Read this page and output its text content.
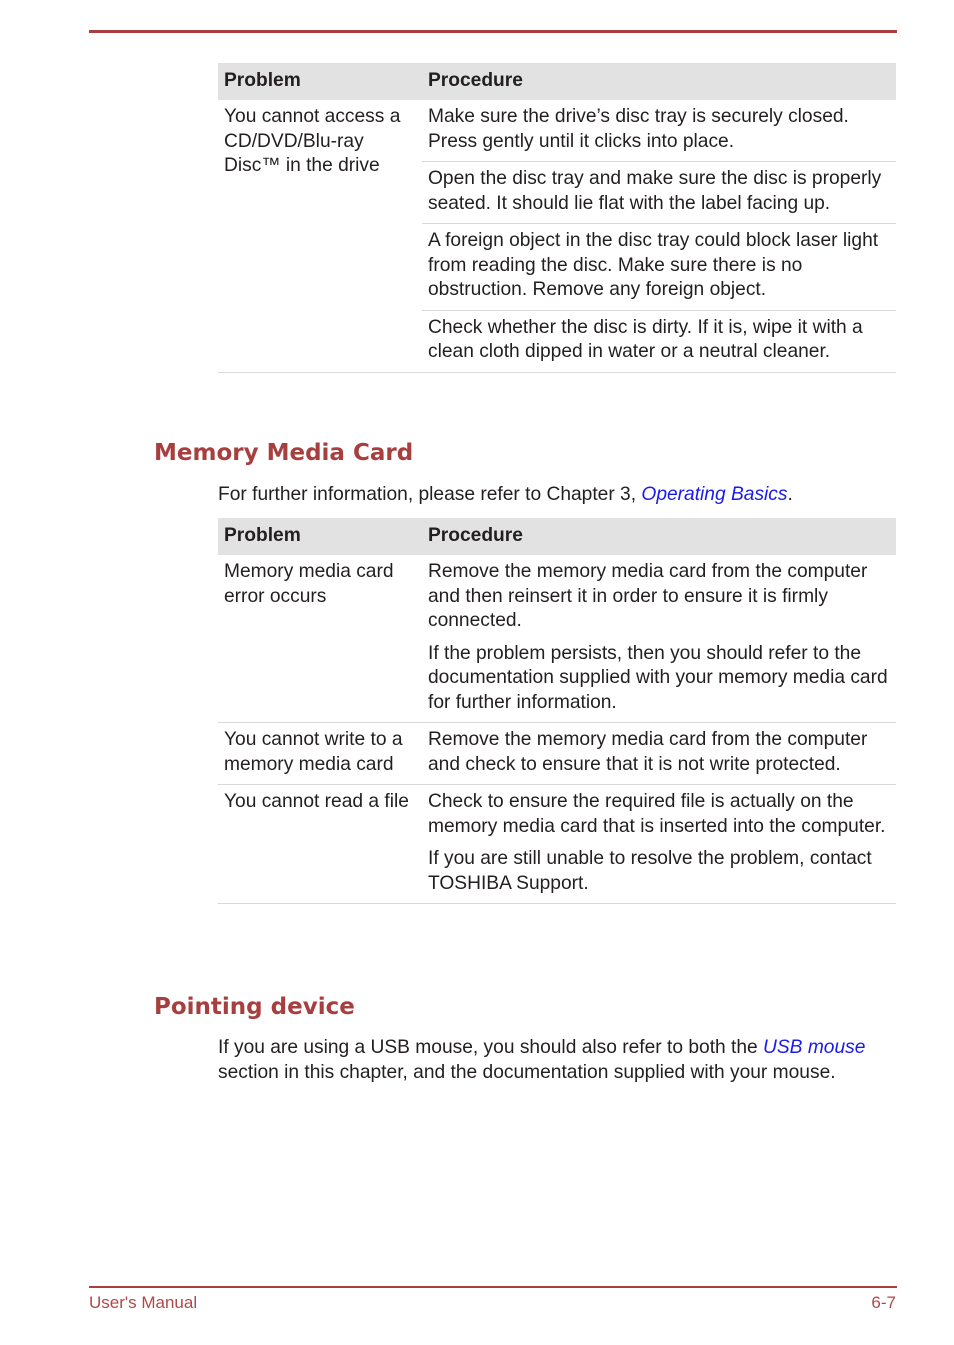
Problem	Procedure
You cannot access a CD/DVD/Blu-ray Disc™ in the drive	Make sure the drive’s disc tray is securely closed. Press gently until it clicks into place.
	Open the disc tray and make sure the disc is properly seated. It should lie flat with the label facing up.
	A foreign object in the disc tray could block laser light from reading the disc. Make sure there is no obstruction. Remove any foreign object.
	Check whether the disc is dirty. If it is, wipe it with a clean cloth dipped in water or a neutral cleaner.
Memory Media Card

For further information, please refer to Chapter 3, Operating Basics.

Problem	Procedure
Memory media card error occurs	Remove the memory media card from the computer and then reinsert it in order to ensure it is firmly connected.

If the problem persists, then you should refer to the documentation supplied with your memory media card for further information.

You cannot write to a memory media card	Remove the memory media card from the computer and check to ensure that it is not write protected.

You cannot read a file	Check to ensure the required file is actually on the memory media card that is inserted into the computer.

If you are still unable to resolve the problem, contact TOSHIBA Support.

Pointing device

If you are using a USB mouse, you should also refer to both the USB mouse section in this chapter, and the documentation supplied with your mouse.

User's Manual	6-7
